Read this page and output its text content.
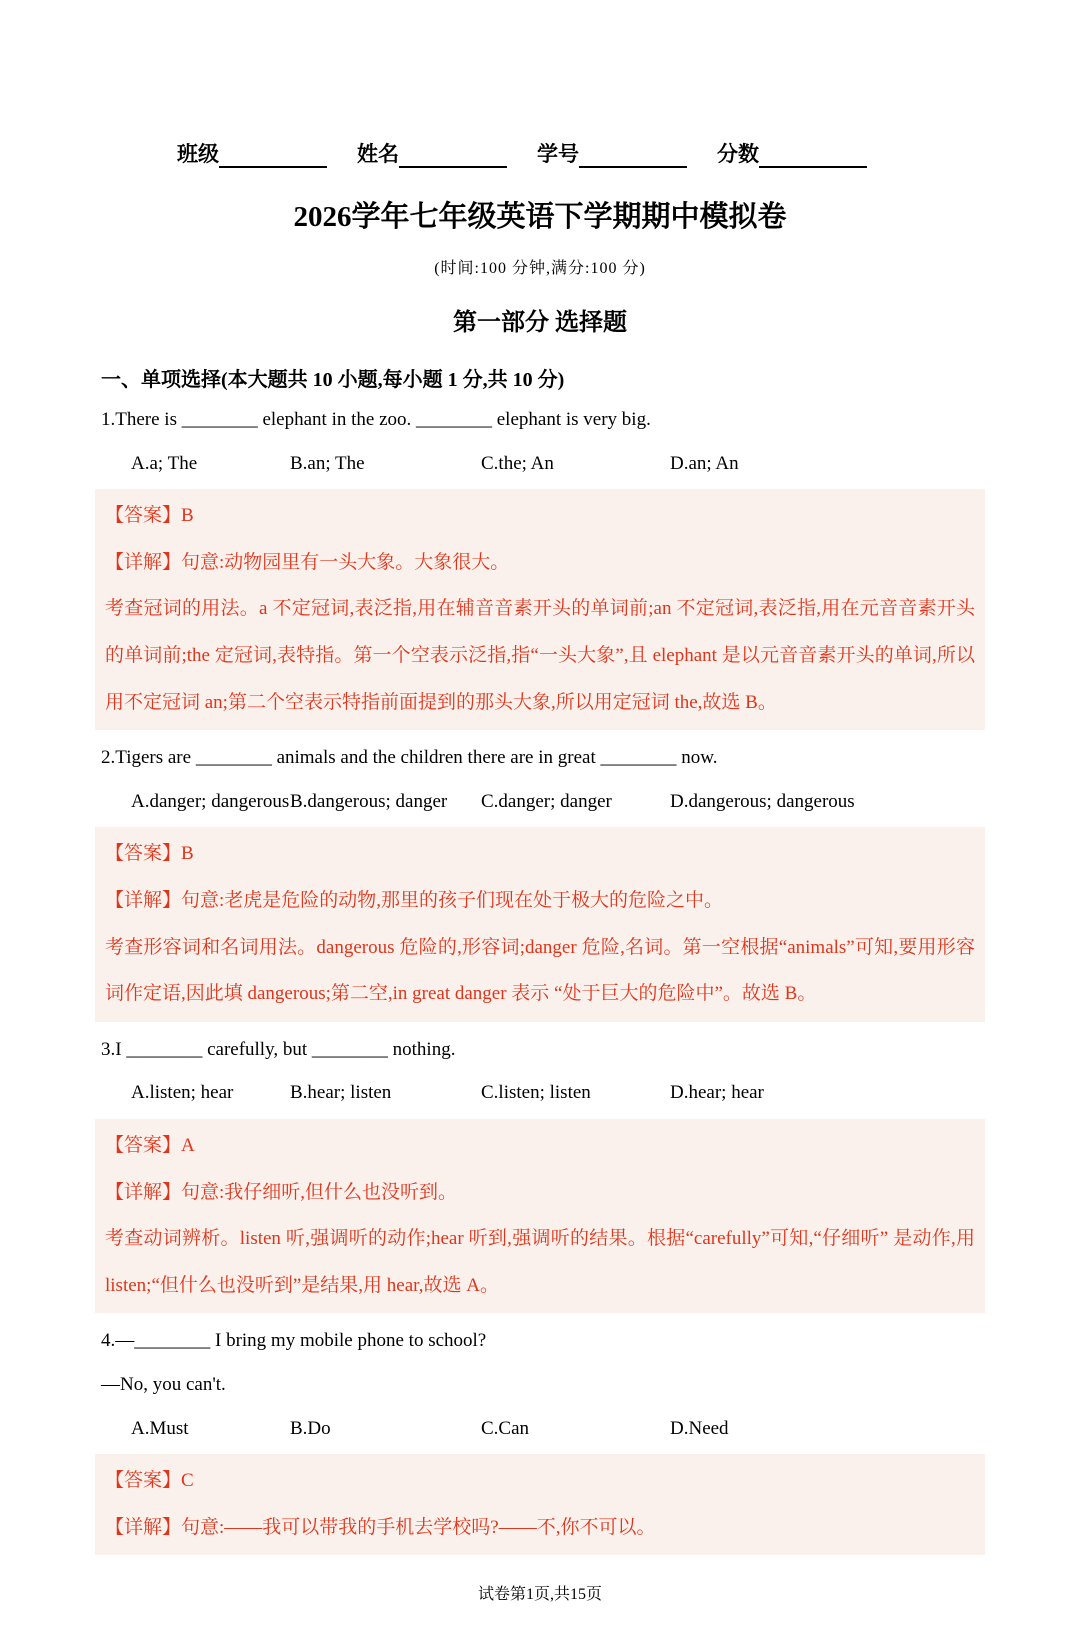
班级	姓名	学号	分数
2026学年七年级英语下学期期中模拟卷

(时间:100 分钟,满分:100 分)

第一部分 选择题
一、单项选择(本大题共 10 小题,每小题 1 分,共 10 分)

1.There is ________ elephant in the zoo. ________ elephant is very big.

A.a; The	B.an; The	C.the; An	D.an; An

【答案】B

【详解】句意:动物园里有一头大象。大象很大。

考查冠词的用法。a 不定冠词,表泛指,用在辅音音素开头的单词前;an 不定冠词,表泛指,用在元音音素开头的单词前;the 定冠词,表特指。第一个空表示泛指,指“一头大象”,且 elephant 是以元音音素开头的单词,所以用不定冠词 an;第二个空表示特指前面提到的那头大象,所以用定冠词 the,故选 B。

2.Tigers are ________ animals and the children there are in great ________ now.

A.danger; dangerous B.dangerous; danger	C.danger; danger	D.dangerous; dangerous

【答案】B

【详解】句意:老虎是危险的动物,那里的孩子们现在处于极大的危险之中。

考查形容词和名词用法。dangerous 危险的,形容词;danger 危险,名词。第一空根据“animals”可知,要用形容词作定语,因此填 dangerous;第二空,in great danger 表示 “处于巨大的危险中”。故选 B。

3.I ________ carefully, but ________ nothing.

A.listen; hear	B.hear; listen	C.listen; listen	D.hear; hear

【答案】A

【详解】句意:我仔细听,但什么也没听到。

考查动词辨析。listen 听,强调听的动作;hear 听到,强调听的结果。根据“carefully”可知,“仔细听” 是动作,用 listen;“但什么也没听到”是结果,用 hear,故选 A。

4.—________ I bring my mobile phone to school?

—No, you can't.

A.Must	B.Do	C.Can	D.Need

【答案】C

【详解】句意:——我可以带我的手机去学校吗?——不,你不可以。

试卷第1页,共15页
